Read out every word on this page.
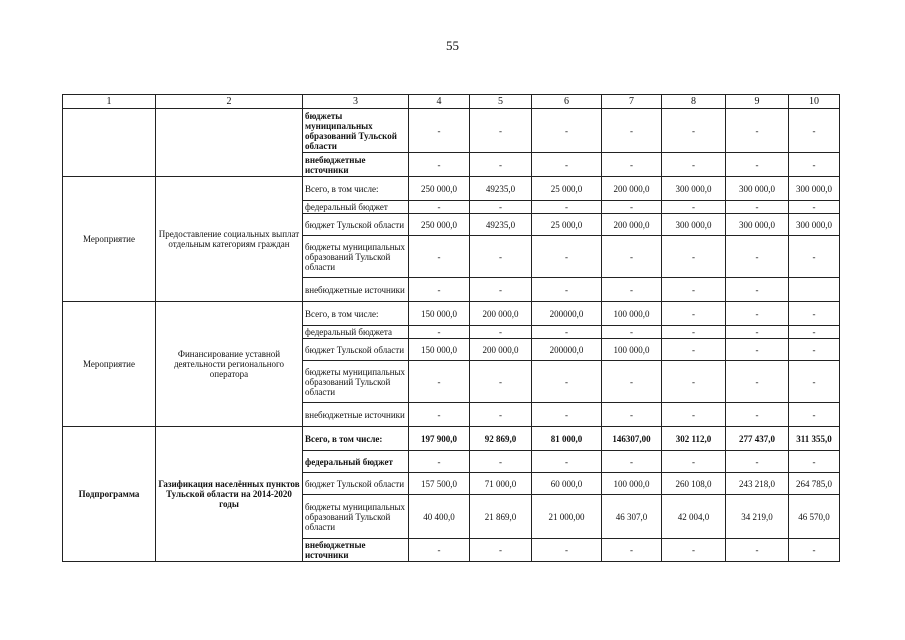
55
1	2	3	4	5	6	7	8	9	10
		бюджеты муниципальных образований Тульской области	-	-	-	-	-	-	-
		внебюджетные источники	-	-	-	-	-	-	-
Мероприятие	Предоставление социальных выплат отдельным категориям граждан	Всего, в том числе:	250 000,0	49235,0	25 000,0	200 000,0	300 000,0	300 000,0	300 000,0
		федеральный бюджет	-	-	-	-	-	-	-
		бюджет Тульской области	250 000,0	49235,0	25 000,0	200 000,0	300 000,0	300 000,0	300 000,0
		бюджеты муниципальных образований Тульской области	-	-	-	-	-	-	-
		внебюджетные источники	-	-	-	-	-	-	
Мероприятие	Финансирование уставной деятельности регионального оператора	Всего, в том числе:	150 000,0	200 000,0	200000,0	100 000,0	-	-	-
		федеральный бюджета	-	-	-	-	-	-	-
		бюджет Тульской области	150 000,0	200 000,0	200000,0	100 000,0	-	-	-
		бюджеты муниципальных образований Тульской области	-	-	-	-	-	-	-
		внебюджетные источники	-	-	-	-	-	-	-
Подпрограмма	Газификация населённых пунктов Тульской области на 2014-2020 годы	Всего, в том числе:	197 900,0	92 869,0	81 000,0	146307,00	302 112,0	277 437,0	311 355,0
		федеральный бюджет	-	-	-	-	-	-	-
		бюджет Тульской области	157 500,0	71 000,0	60 000,0	100 000,0	260 108,0	243 218,0	264 785,0
		бюджеты муниципальных образований Тульской области	40 400,0	21 869,0	21 000,00	46 307,0	42 004,0	34 219,0	46 570,0
		внебюджетные источники	-	-	-	-	-	-	-
